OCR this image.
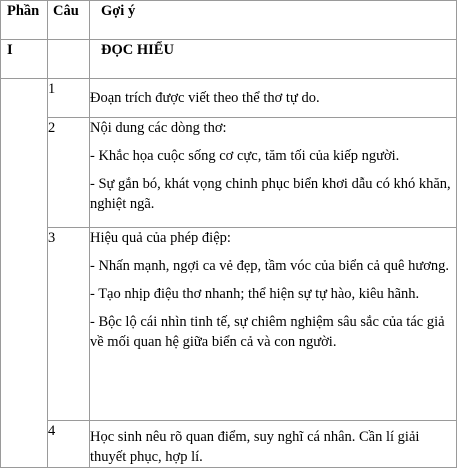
Phần	Câu	Gợi ý
I		ĐỌC HIỂU
	1	Đoạn trích được viết theo thể thơ tự do.

	2	Nội dung các dòng thơ:

- Khắc họa cuộc sống cơ cực, tăm tối của kiếp người.

- Sự gắn bó, khát vọng chinh phục biển khơi dẫu có khó khăn, nghiệt ngã.

	3	Hiệu quả của phép điệp:

- Nhấn mạnh, ngợi ca vẻ đẹp, tầm vóc của biển cả quê hương.

- Tạo nhịp điệu thơ nhanh; thể hiện sự tự hào, kiêu hãnh.

- Bộc lộ cái nhìn tinh tế, sự chiêm nghiệm sâu sắc của tác giả về mối quan hệ giữa biển cả và con người.

	4	Học sinh nêu rõ quan điểm, suy nghĩ cá nhân. Cần lí giải thuyết phục, hợp lí.
